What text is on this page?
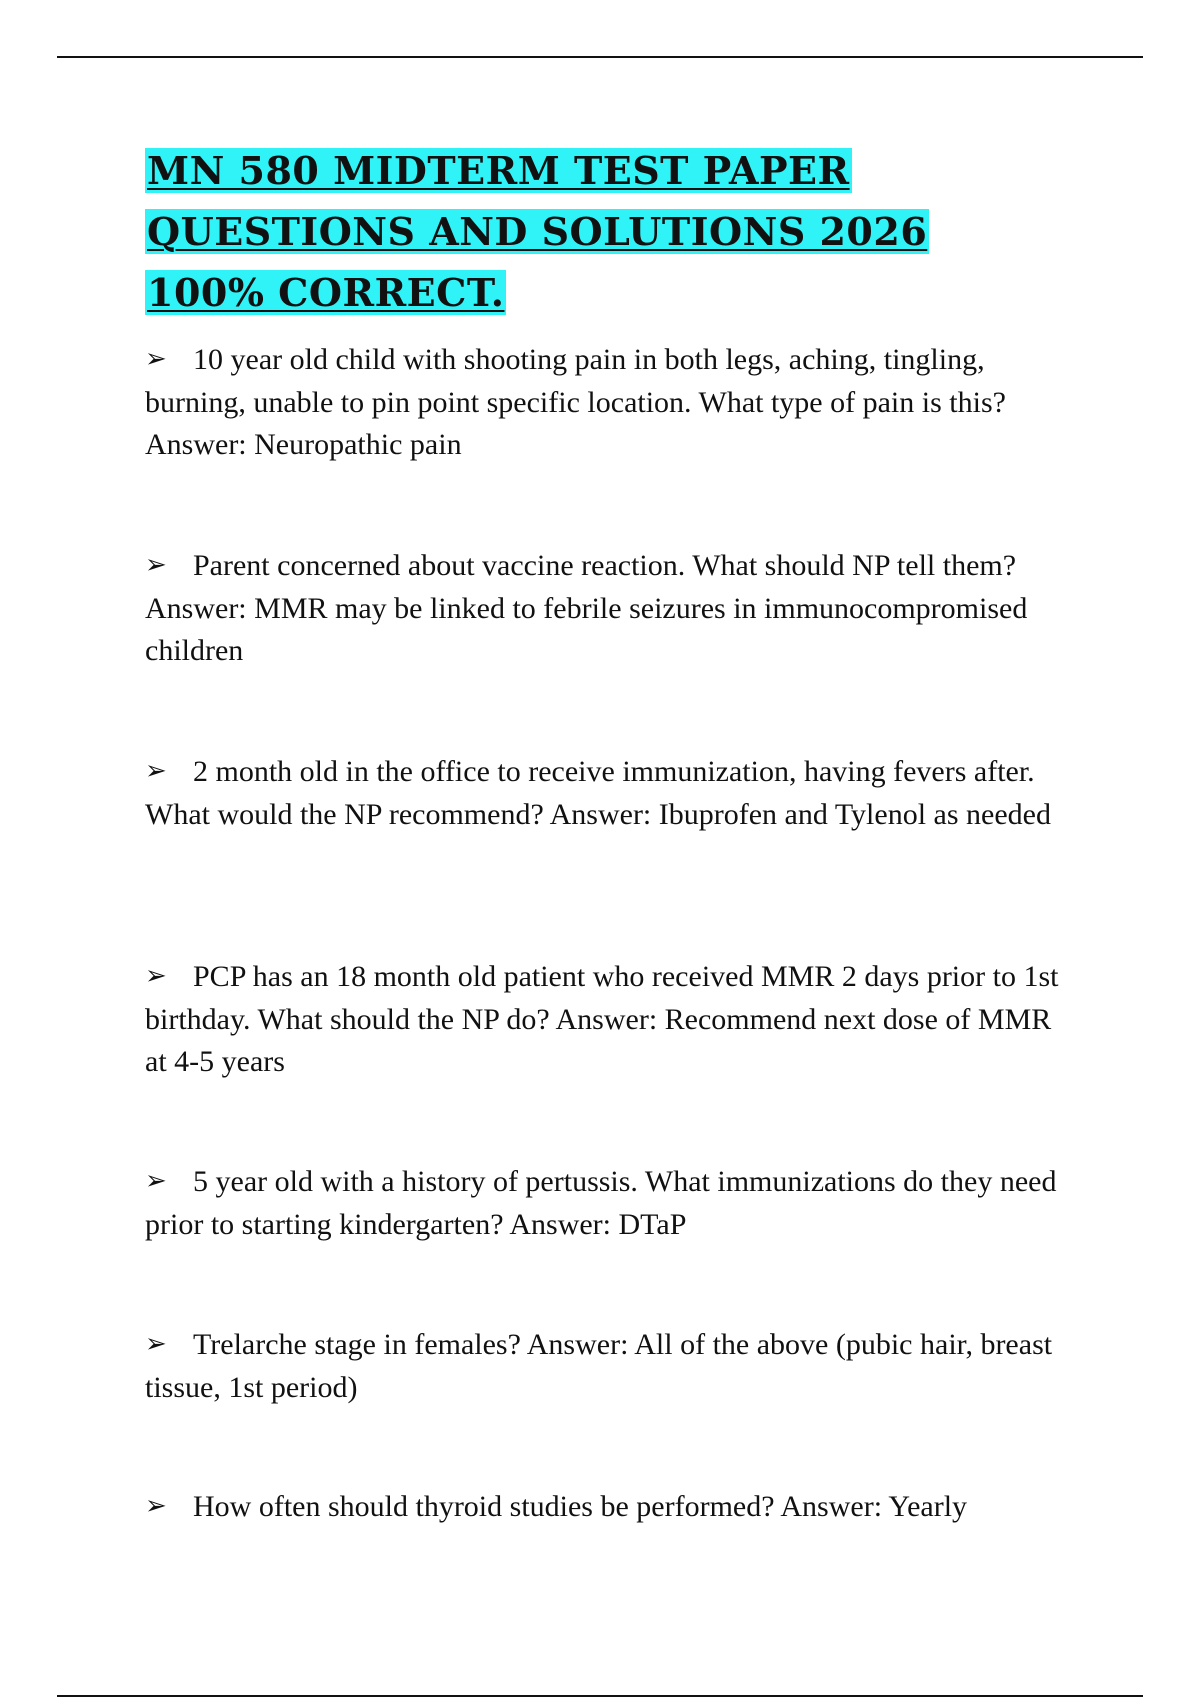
MN 580 MIDTERM TEST PAPER QUESTIONS AND SOLUTIONS 2026 100% CORRECT.
➢ 10 year old child with shooting pain in both legs, aching, tingling, burning, unable to pin point specific location. What type of pain is this? Answer: Neuropathic pain
➢ Parent concerned about vaccine reaction. What should NP tell them? Answer: MMR may be linked to febrile seizures in immunocompromised children
➢ 2 month old in the office to receive immunization, having fevers after. What would the NP recommend? Answer: Ibuprofen and Tylenol as needed
➢ PCP has an 18 month old patient who received MMR 2 days prior to 1st birthday. What should the NP do? Answer: Recommend next dose of MMR at 4-5 years
➢ 5 year old with a history of pertussis. What immunizations do they need prior to starting kindergarten? Answer: DTaP
➢ Trelarche stage in females? Answer: All of the above (pubic hair, breast tissue, 1st period)
➢ How often should thyroid studies be performed? Answer: Yearly
